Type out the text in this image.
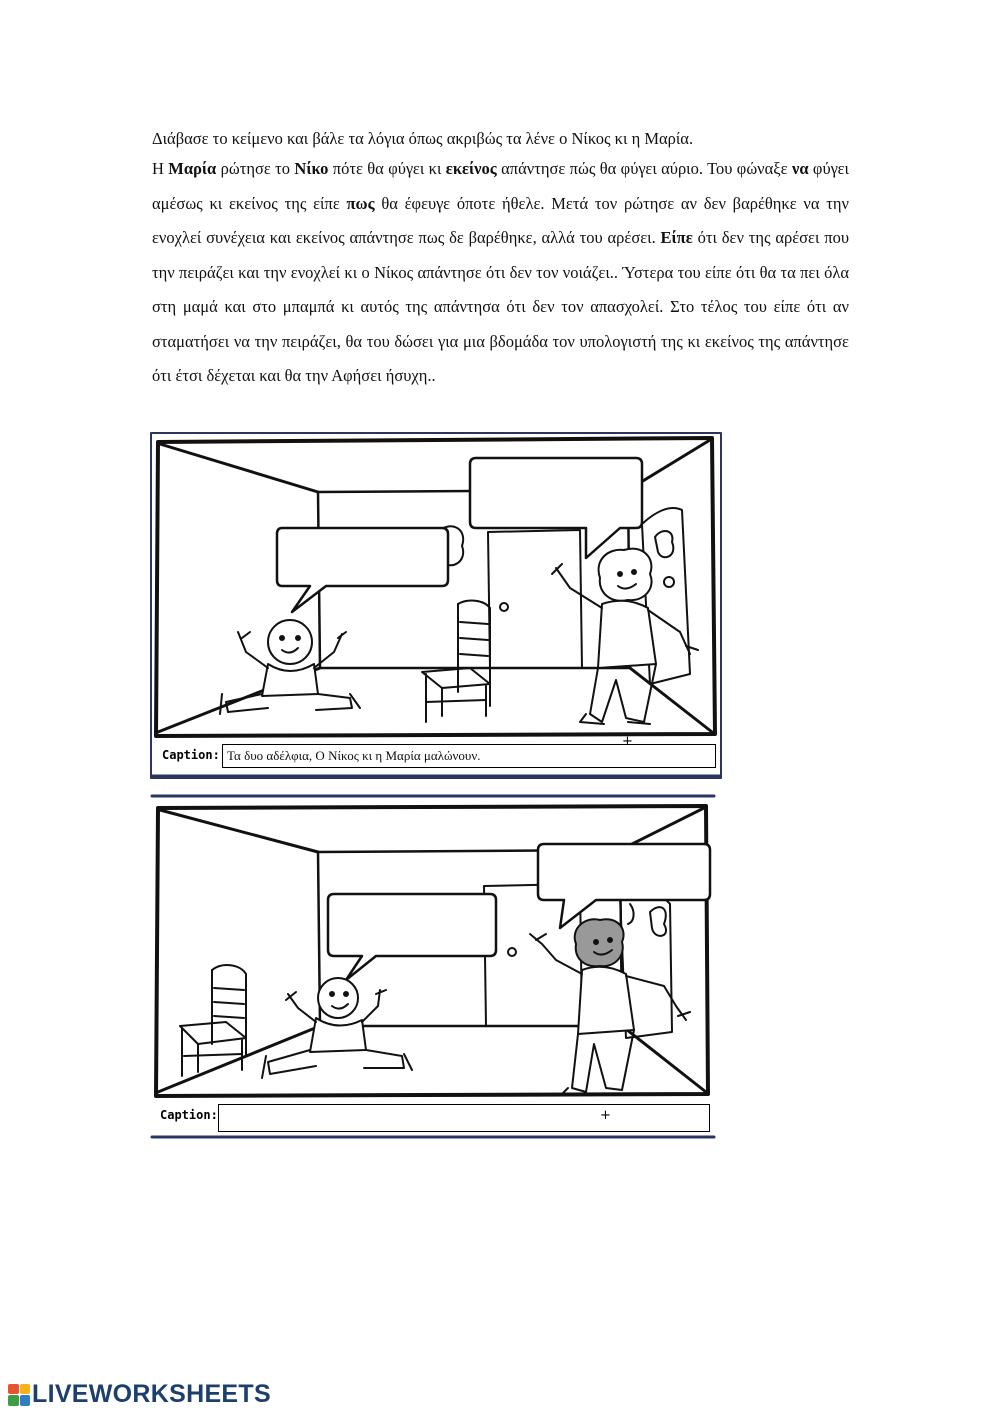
Διάβασε το κείμενο και βάλε τα λόγια όπως ακριβώς τα λένε ο Νίκος κι η Μαρία.
Η Μαρία ρώτησε το Νίκο πότε θα φύγει κι εκείνος απάντησε πώς θα φύγει αύριο. Του φώναξε να φύγει αμέσως κι εκείνος της είπε πως θα έφευγε όποτε ήθελε. Μετά τον ρώτησε αν δεν βαρέθηκε να την ενοχλεί συνέχεια και εκείνος απάντησε πως δε βαρέθηκε, αλλά του αρέσει. Είπε ότι δεν της αρέσει που την πειράζει και την ενοχλεί κι ο Νίκος απάντησε ότι δεν τον νοιάζει.. Ύστερα του είπε ότι θα τα πει όλα στη μαμά και στο μπαμπά κι αυτός της απάντησα ότι δεν τον απασχολεί. Στο τέλος του είπε ότι αν σταματήσει να την πειράζει, θα του δώσει για μια βδομάδα τον υπολογιστή της κι εκείνος της απάντησε ότι έτσι δέχεται και θα την Αφήσει ήσυχη..
Caption: Τα δυο αδέλφια, Ο Νίκος κι η Μαρία μαλώνουν.
+
Caption:	+
LIVEWORKSHEETS
